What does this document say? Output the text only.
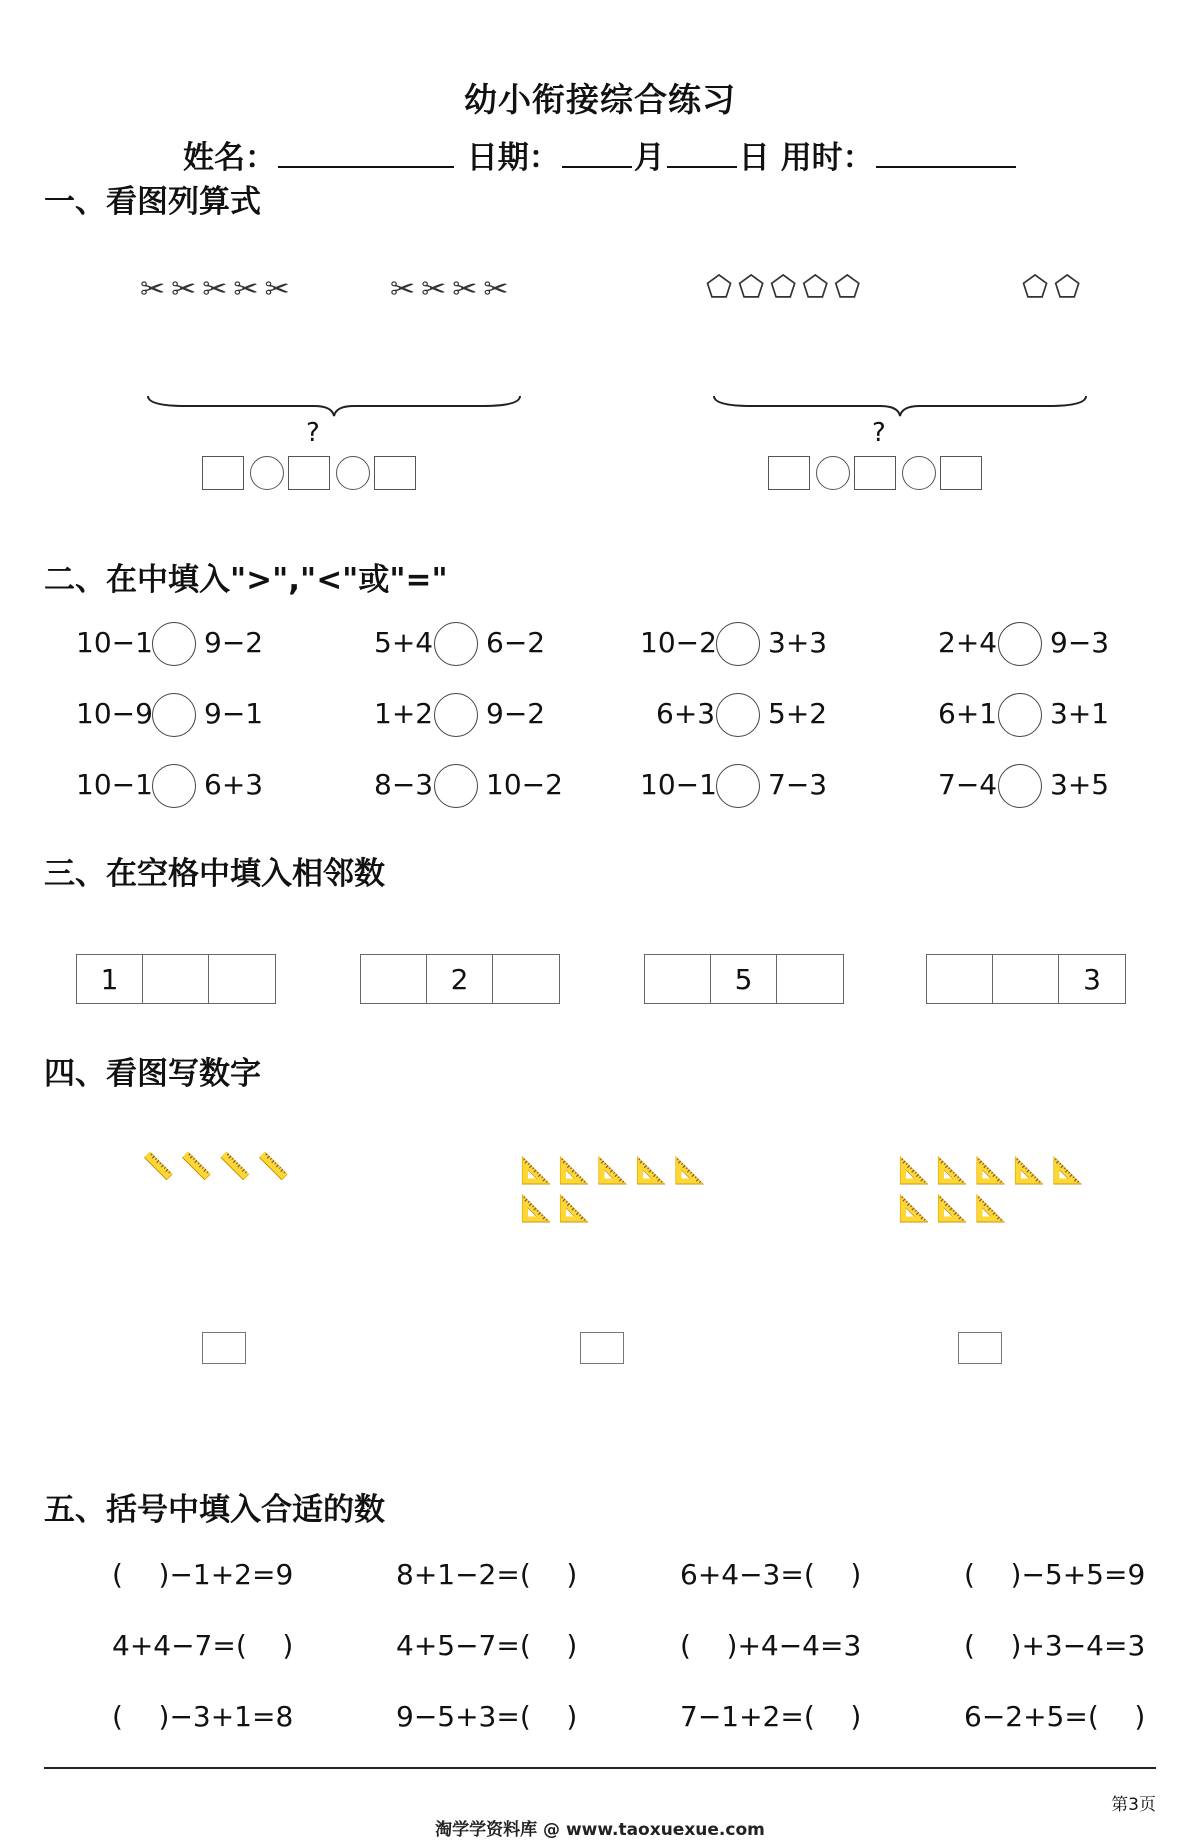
幼小衔接综合练习
姓名：	日期： 月 日 用时：
一、看图列算式
✂✂✂✂✂	✂✂✂✂	⬠⬠⬠⬠⬠	⬠⬠
?	?
二、在中填入">","<"或"="
10−1 9−2	5+4 6−2	10−2 3+3	2+4 9−3
10−9 9−1	1+2 9−2	6+3 5+2	6+1 3+1
10−1 6+3	8−3 10−2	10−1 7−3	7−4 3+5
三、在空格中填入相邻数
1	2	5	3
四、看图写数字
📏📏📏📏	📐📐📐📐📐
📐📐
📐📐📐📐📐
📐📐📐
五、括号中填入合适的数
(    )−1+2=9	8+1−2=(    )	6+4−3=(    )	(    )−5+5=9
4+4−7=(    )	4+5−7=(    )	(    )+4−4=3	(    )+3−4=3
(    )−3+1=8	9−5+3=(    )	7−1+2=(    )	6−2+5=(    )
第3页
淘学学资料库 @ www.taoxuexue.com
